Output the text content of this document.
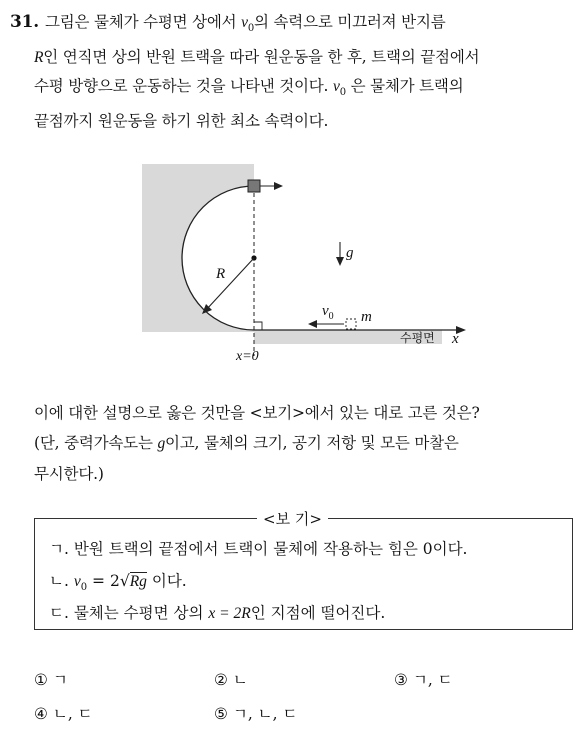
31. 그림은 물체가 수평면 상에서 $v_0$의 속력으로 미끄러져 반지름
R인 연직면 상의 반원 트랙을 따라 원운동을 한 후, 트랙의 끝점에서
수평 방향으로 운동하는 것을 나타낸 것이다. $v_0$ 은 물체가 트랙의
끝점까지 원운동을 하기 위한 최소 속력이다.
R
g
$v_0$ m
수평면 x
x=0
이에 대한 설명으로 옳은 것만을 <보기>에서 있는 대로 고른 것은?
(단, 중력가속도는 g이고, 물체의 크기, 공기 저항 및 모든 마찰은
무시한다.)
<보 기>
ㄱ. 반원 트랙의 끝점에서 트랙이 물체에 작용하는 힘은 0이다.
ㄴ. $v_0 = 2√Rg$ 이다.
ㄷ. 물체는 수평면 상의 x = 2R인 지점에 떨어진다.
① ㄱ	② ㄴ	③ ㄱ, ㄷ
④ ㄴ, ㄷ	⑤ ㄱ, ㄴ, ㄷ
